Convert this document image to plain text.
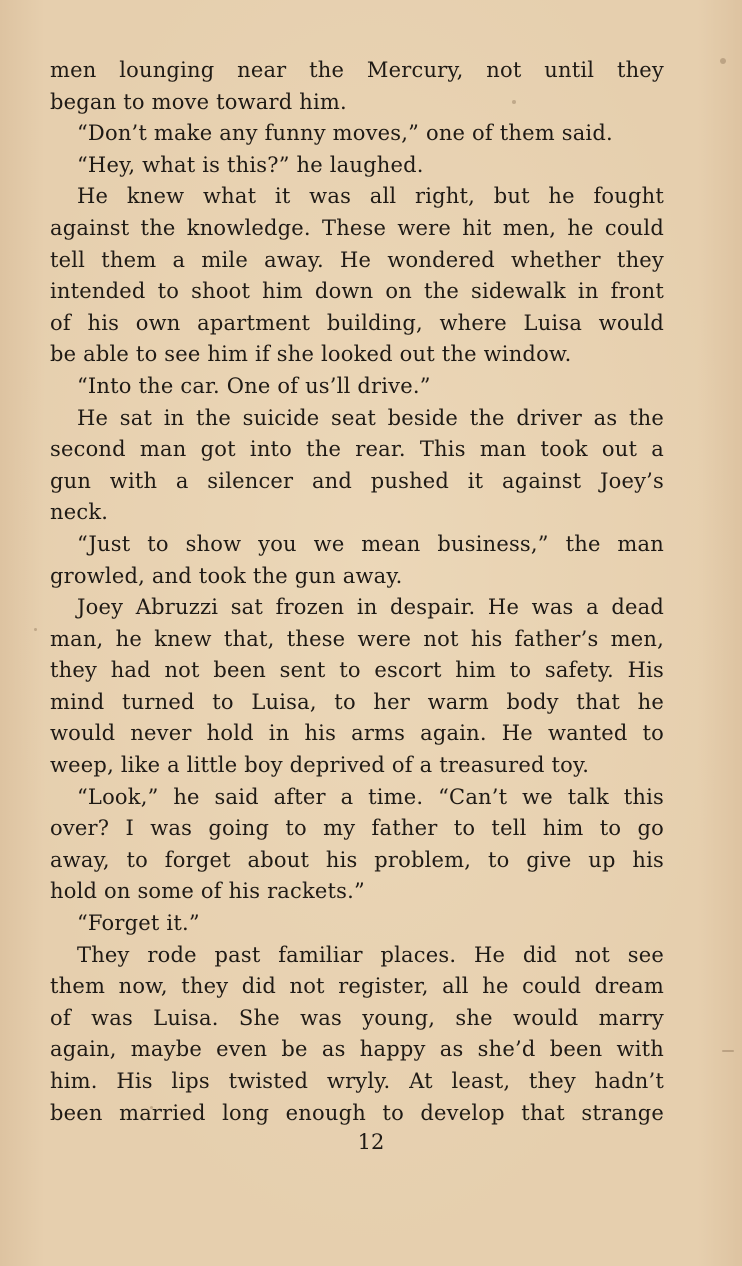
men lounging near the Mercury, not until they
began to move toward him.
“Don’t make any funny moves,” one of them said.
“Hey, what is this?” he laughed.
He knew what it was all right, but he fought
against the knowledge. These were hit men, he could
tell them a mile away. He wondered whether they
intended to shoot him down on the sidewalk in front
of his own apartment building, where Luisa would
be able to see him if she looked out the window.
“Into the car. One of us’ll drive.”
He sat in the suicide seat beside the driver as the
second man got into the rear. This man took out a
gun with a silencer and pushed it against Joey’s
neck.
“Just to show you we mean business,” the man
growled, and took the gun away.
Joey Abruzzi sat frozen in despair. He was a dead
man, he knew that, these were not his father’s men,
they had not been sent to escort him to safety. His
mind turned to Luisa, to her warm body that he
would never hold in his arms again. He wanted to
weep, like a little boy deprived of a treasured toy.
“Look,” he said after a time. “Can’t we talk this
over? I was going to my father to tell him to go
away, to forget about his problem, to give up his
hold on some of his rackets.”
“Forget it.”
They rode past familiar places. He did not see
them now, they did not register, all he could dream
of was Luisa. She was young, she would marry
again, maybe even be as happy as she’d been with
him. His lips twisted wryly. At least, they hadn’t
been married long enough to develop that strange
12
